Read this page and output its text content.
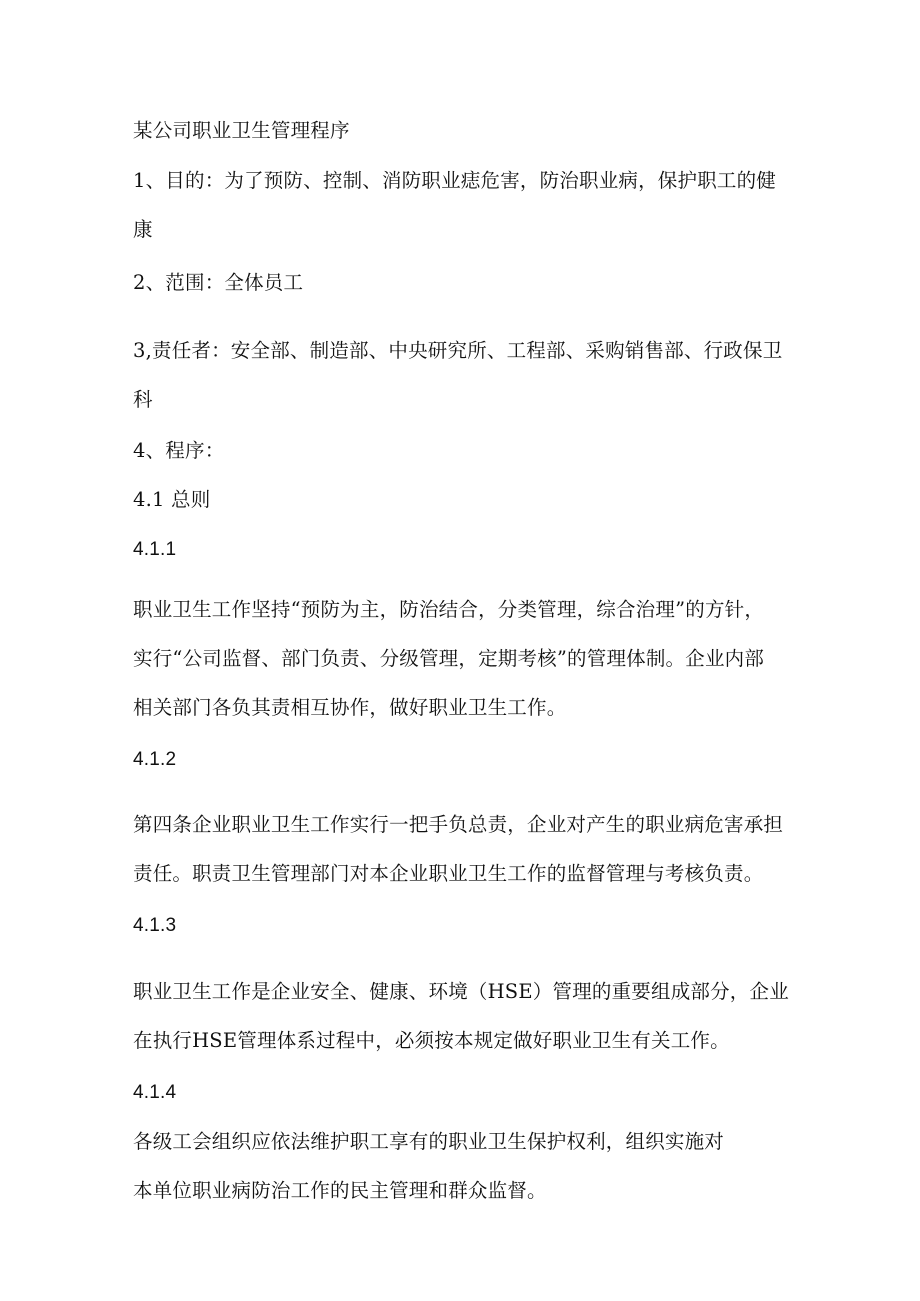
某公司职业卫生管理程序
1、目的：为了预防、控制、消防职业痣危害，防治职业病，保护职工的健
康
2、范围：全体员工
3,责任者：安全部、制造部、中央研究所、工程部、采购销售部、行政保卫
科
4、程序：
4.1 总则
4.1.1
职业卫生工作坚持“预防为主，防治结合，分类管理，综合治理”的方针，
实行“公司监督、部门负责、分级管理，定期考核”的管理体制。企业内部
相关部门各负其责相互协作，做好职业卫生工作。
4.1.2
第四条企业职业卫生工作实行一把手负总责，企业对产生的职业病危害承担
责任。职责卫生管理部门对本企业职业卫生工作的监督管理与考核负责。
4.1.3
职业卫生工作是企业安全、健康、环境（HSE）管理的重要组成部分，企业
在执行HSE管理体系过程中，必须按本规定做好职业卫生有关工作。
4.1.4
各级工会组织应依法维护职工享有的职业卫生保护权利，组织实施对
本单位职业病防治工作的民主管理和群众监督。
